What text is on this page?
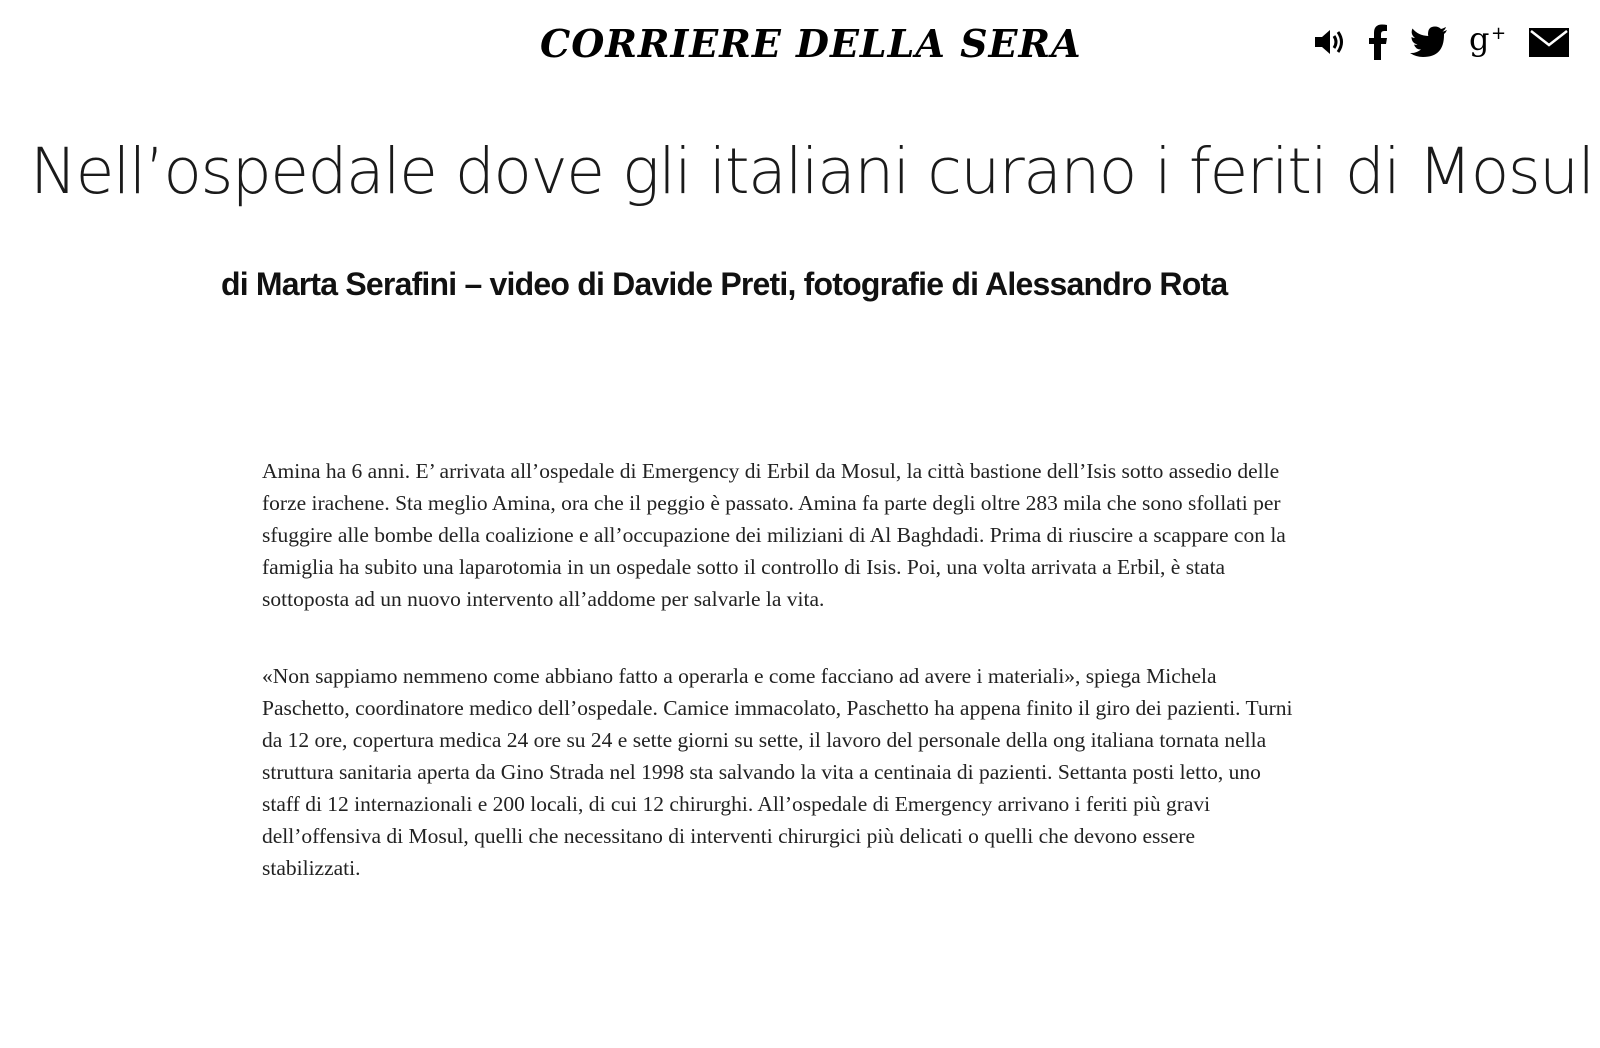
CORRIERE DELLA SERA	g +
Nell’ospedale dove gli italiani curano i feriti di Mosul
di Marta Serafini – video di Davide Preti, fotografie di Alessandro Rota

Amina ha 6 anni. E’ arrivata all’ospedale di Emergency di Erbil da Mosul, la città bastione dell’Isis sotto assedio delle forze irachene. Sta meglio Amina, ora che il peggio è passato. Amina fa parte degli oltre 283 mila che sono sfollati per sfuggire alle bombe della coalizione e all’occupazione dei miliziani di Al Baghdadi. Prima di riuscire a scappare con la famiglia ha subito una laparotomia in un ospedale sotto il controllo di Isis. Poi, una volta arrivata a Erbil, è stata sottoposta ad un nuovo intervento all’addome per salvarle la vita.

«Non sappiamo nemmeno come abbiano fatto a operarla e come facciano ad avere i materiali», spiega Michela Paschetto, coordinatore medico dell’ospedale. Camice immacolato, Paschetto ha appena finito il giro dei pazienti. Turni da 12 ore, copertura medica 24 ore su 24 e sette giorni su sette, il lavoro del personale della ong italiana tornata nella struttura sanitaria aperta da Gino Strada nel 1998 sta salvando la vita a centinaia di pazienti. Settanta posti letto, uno staff di 12 internazionali e 200 locali, di cui 12 chirurghi. All’ospedale di Emergency arrivano i feriti più gravi dell’offensiva di Mosul, quelli che necessitano di interventi chirurgici più delicati o quelli che devono essere stabilizzati.
